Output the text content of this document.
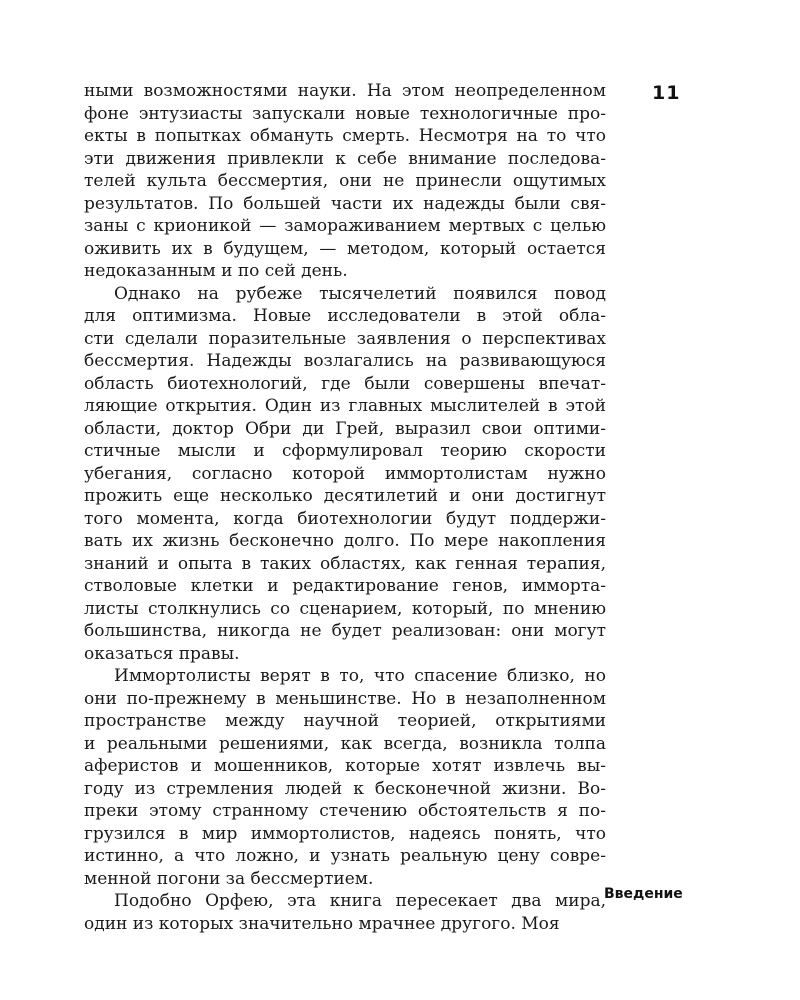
11
ными возможностями науки. На этом неопределенном
фоне энтузиасты запускали новые технологичные про-
екты в попытках обмануть смерть. Несмотря на то что
эти движения привлекли к себе внимание последова-
телей культа бессмертия, они не принесли ощутимых
результатов. По большей части их надежды были свя-
заны с крионикой — замораживанием мертвых с целью
оживить их в будущем, — методом, который остается
недоказанным и по сей день.
Однако на рубеже тысячелетий появился повод
для оптимизма. Новые исследователи в этой обла-
сти сделали поразительные заявления о перспективах
бессмертия. Надежды возлагались на развивающуюся
область биотехнологий, где были совершены впечат-
ляющие открытия. Один из главных мыслителей в этой
области, доктор Обри ди Грей, выразил свои оптими-
стичные мысли и сформулировал теорию скорости
убегания, согласно которой иммортолистам нужно
прожить еще несколько десятилетий и они достигнут
того момента, когда биотехнологии будут поддержи-
вать их жизнь бесконечно долго. По мере накопления
знаний и опыта в таких областях, как генная терапия,
стволовые клетки и редактирование генов, имморта-
листы столкнулись со сценарием, который, по мнению
большинства, никогда не будет реализован: они могут
оказаться правы.
Иммортолисты верят в то, что спасение близко, но
они по-прежнему в меньшинстве. Но в незаполненном
пространстве между научной теорией, открытиями
и реальными решениями, как всегда, возникла толпа
аферистов и мошенников, которые хотят извлечь вы-
году из стремления людей к бесконечной жизни. Во-
преки этому странному стечению обстоятельств я по-
грузился в мир иммортолистов, надеясь понять, что
истинно, а что ложно, и узнать реальную цену совре-
менной погони за бессмертием.
Подобно Орфею, эта книга пересекает два мира,
один из которых значительно мрачнее другого. Моя
Введение
